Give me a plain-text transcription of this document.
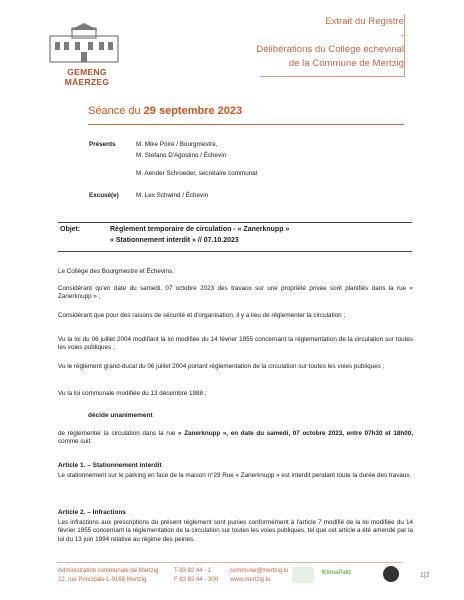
GEMENG MÄERZEG
Extrait du Registre
-
Délibérations du Collège échevinal
de la Commune de Mertzig
Séance du 29 septembre 2023
Présents	M. Mike Poiré / Bourgmestre,
M. Stefano D'Agostino / Échevin
M. Aender Schroeder, secrétaire communal
Excusé(e)	M. Lex Schwind / Échevin
Objet:	Règlement temporaire de circulation - « Zanerknupp »
« Stationnement interdit » // 07.10.2023
Le Collège des Bourgmestre et Échevins,
Considérant qu'en date du samedi, 07 octobre 2023 des travaux sur une propriété privée sont planifiés dans la rue « Zanerknupp » ;
Considérant que pour des raisons de sécurité et d'organisation, il y a lieu de réglementer la circulation ;
Vu la loi du 06 juillet 2004 modifiant la loi modifiée du 14 février 1955 concernant la réglementation de la circulation sur toutes les voies publiques ;
Vu le règlement grand-ducal du 06 juillet 2004 portant réglementation de la circulation sur toutes les voies publiques ;
Vu la loi communale modifiée du 13 décembre 1988 ;
décide unanimement
de réglementer la circulation dans la rue « Zanerknupp », en date du samedi, 07 octobre 2023, entre 07h30 et 18h00, comme suit:
Article 1. – Stationnement interdit
Le stationnement sur le parking en face de la maison n°29 Rue « Zanerknupp » est interdit pendant toute la durée des travaux.
Article 2. – Infractions
Les infractions aux prescriptions du présent règlement sont punies conformément à l'article 7 modifié de la loi modifiée du 14 février 1955 concernant la réglementation de la circulation sur toutes les voies publiques, tel que cet article a été amendé par la loi du 13 juin 1994 relative au régime des peines.
Administration communale de Mertzig
22, rue Principale L-9168 Mertzig
T 83 82 44 - 1
F 83 82 44 - 300
commune@mertzig.lu
www.mertzig.lu
KlimaPakt	1|2
